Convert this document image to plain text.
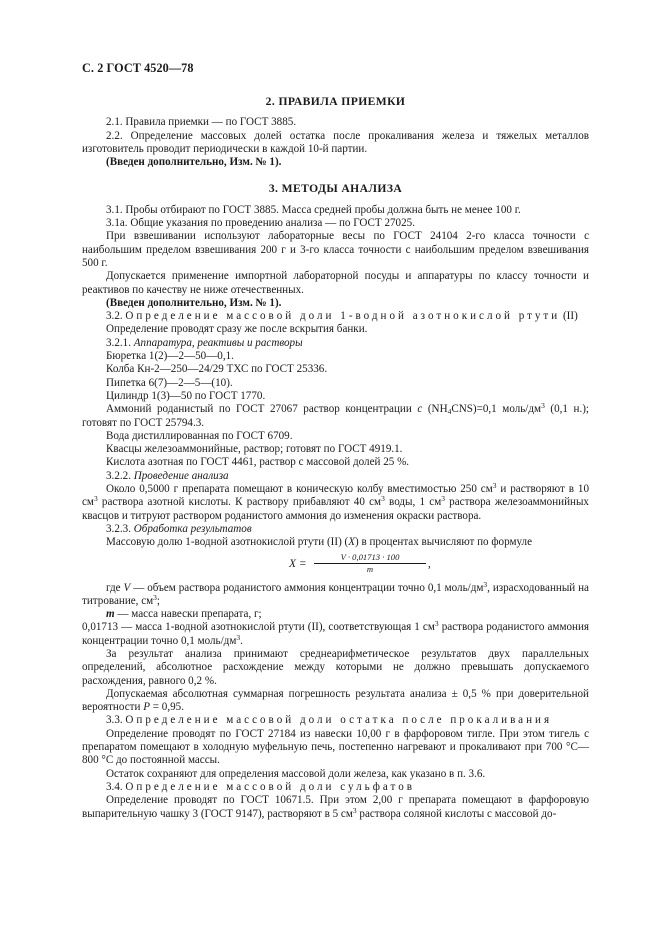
С. 2 ГОСТ 4520—78
2. ПРАВИЛА ПРИЕМКИ

2.1. Правила приемки — по ГОСТ 3885.

2.2. Определение массовых долей остатка после прокаливания железа и тяжелых металлов изготовитель проводит периодически в каждой 10-й партии.

(Введен дополнительно, Изм. № 1).

3. МЕТОДЫ АНАЛИЗА

3.1. Пробы отбирают по ГОСТ 3885. Масса средней пробы должна быть не менее 100 г.

3.1а. Общие указания по проведению анализа — по ГОСТ 27025.

При взвешивании используют лабораторные весы по ГОСТ 24104 2-го класса точности с наибольшим пределом взвешивания 200 г и 3-го класса точности с наибольшим пределом взвешивания 500 г.

Допускается применение импортной лабораторной посуды и аппаратуры по классу точности и реактивов по качеству не ниже отечественных.

(Введен дополнительно, Изм. № 1).

3.2. Определение массовой доли 1-водной азотнокислой ртути (II)

Определение проводят сразу же после вскрытия банки.

3.2.1. Аппаратура, реактивы и растворы

Бюретка 1(2)—2—50—0,1.

Колба Кн-2—250—24/29 ТХС по ГОСТ 25336.

Пипетка 6(7)—2—5—(10).

Цилиндр 1(3)—50 по ГОСТ 1770.

Аммоний роданистый по ГОСТ 27067 раствор концентрации c $(NH_4CNS)=0,1$ моль/$дм^3$ (0,1 н.); готовят по ГОСТ 25794.3.

Вода дистиллированная по ГОСТ 6709.

Квасцы железоаммонийные, раствор; готовят по ГОСТ 4919.1.

Кислота азотная по ГОСТ 4461, раствор с массовой долей 25 %.

3.2.2. Проведение анализа

Около 0,5000 г препарата помещают в коническую колбу вместимостью 250 $см^3$ и растворяют в 10 $см^3$ раствора азотной кислоты. К раствору прибавляют 40 $см^3$ воды, 1 $см^3$ раствора железоаммонийных квасцов и титруют раствором роданистого аммония до изменения окраски раствора.

3.2.3. Обработка результатов

Массовую долю 1-водной азотнокислой ртути (II) (X) в процентах вычисляют по формуле

$X = \frac{V \cdot 0,01713 \cdot 100}{m}$ ,

где V — объем раствора роданистого аммония концентрации точно 0,1 моль/$дм^3$, израсходованный на титрование, $см^3$;

m — масса навески препарата, г;

0,01713 — масса 1-водной азотнокислой ртути (II), соответствующая 1 $см^3$ раствора роданистого аммония концентрации точно 0,1 моль/$дм^3$.

За результат анализа принимают среднеарифметическое результатов двух параллельных определений, абсолютное расхождение между которыми не должно превышать допускаемого расхождения, равного 0,2 %.

Допускаемая абсолютная суммарная погрешность результата анализа ± 0,5 % при доверительной вероятности P = 0,95.

3.3. Определение массовой доли остатка после прокаливания

Определение проводят по ГОСТ 27184 из навески 10,00 г в фарфоровом тигле. При этом тигель с препаратом помещают в холодную муфельную печь, постепенно нагревают и прокаливают при 700 °С—800 °С до постоянной массы.

Остаток сохраняют для определения массовой доли железа, как указано в п. 3.6.

3.4. Определение массовой доли сульфатов

Определение проводят по ГОСТ 10671.5. При этом 2,00 г препарата помещают в фарфоровую выпарительную чашку 3 (ГОСТ 9147), растворяют в 5 $см^3$ раствора соляной кислоты с массовой до-
